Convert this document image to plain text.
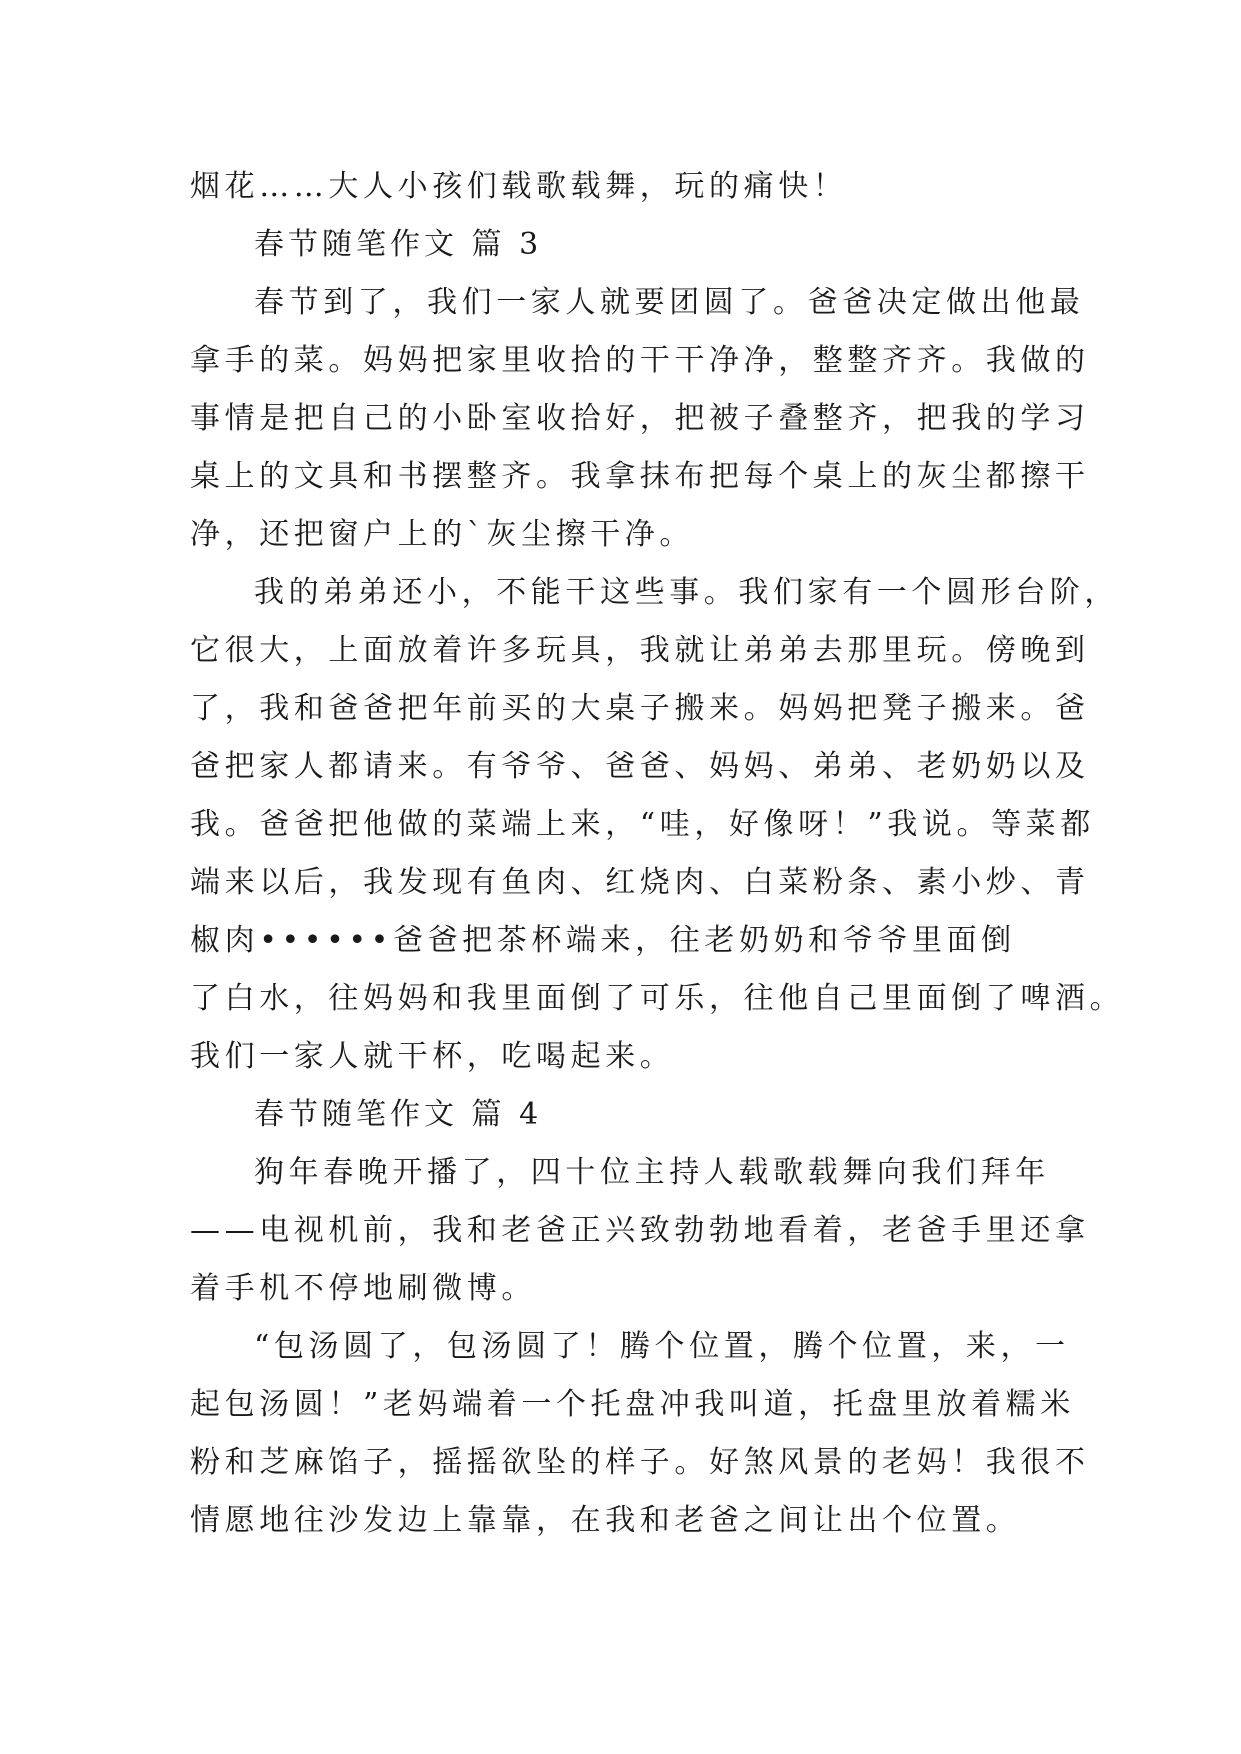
烟花……大人小孩们载歌载舞，玩的痛快！
春节随笔作文 篇 3
春节到了，我们一家人就要团圆了。爸爸决定做出他最
拿手的菜。妈妈把家里收拾的干干净净，整整齐齐。我做的
事情是把自己的小卧室收拾好，把被子叠整齐，把我的学习
桌上的文具和书摆整齐。我拿抹布把每个桌上的灰尘都擦干
净，还把窗户上的`灰尘擦干净。
我的弟弟还小，不能干这些事。我们家有一个圆形台阶，
它很大，上面放着许多玩具，我就让弟弟去那里玩。傍晚到
了，我和爸爸把年前买的大桌子搬来。妈妈把凳子搬来。爸
爸把家人都请来。有爷爷、爸爸、妈妈、弟弟、老奶奶以及
我。爸爸把他做的菜端上来，“哇，好像呀！”我说。等菜都
端来以后，我发现有鱼肉、红烧肉、白菜粉条、素小炒、青
椒肉••••••爸爸把茶杯端来，往老奶奶和爷爷里面倒
了白水，往妈妈和我里面倒了可乐，往他自己里面倒了啤酒。
我们一家人就干杯，吃喝起来。
春节随笔作文 篇 4
狗年春晚开播了，四十位主持人载歌载舞向我们拜年
——电视机前，我和老爸正兴致勃勃地看着，老爸手里还拿
着手机不停地刷微博。
“包汤圆了，包汤圆了！腾个位置，腾个位置，来，一
起包汤圆！”老妈端着一个托盘冲我叫道，托盘里放着糯米
粉和芝麻馅子，摇摇欲坠的样子。好煞风景的老妈！我很不
情愿地往沙发边上靠靠，在我和老爸之间让出个位置。
